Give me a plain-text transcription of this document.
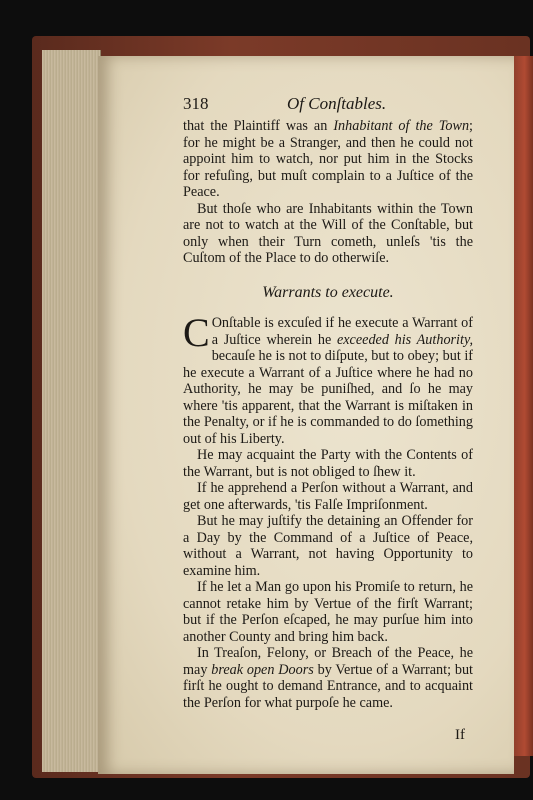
318	Of Conſtables.

that the Plaintiff was an Inhabitant of the Town; for he might be a Stranger, and then he could not appoint him to watch, nor put him in the Stocks for refuſing, but muſt complain to a Juſtice of the Peace.

But thoſe who are Inhabitants within the Town are not to watch at the Will of the Conſtable, but only when their Turn cometh, unleſs 'tis the Cuſtom of the Place to do otherwiſe.

Warrants to execute.

C Onſtable is excuſed if he execute a Warrant of a Juſtice wherein he exceeded his Authority, becauſe he is not to diſpute, but to obey; but if he execute a Warrant of a Juſtice where he had no Authority, he may be puniſhed, and ſo he may where 'tis apparent, that the Warrant is miſtaken in the Penalty, or if he is commanded to do ſomething out of his Liberty.

He may acquaint the Party with the Contents of the Warrant, but is not obliged to ſhew it.

If he apprehend a Perſon without a Warrant, and get one afterwards, 'tis Falſe Impriſonment.

But he may juſtify the detaining an Offender for a Day by the Command of a Juſtice of Peace, without a Warrant, not having Opportunity to examine him.

If he let a Man go upon his Promiſe to return, he cannot retake him by Vertue of the firſt Warrant; but if the Perſon eſcaped, he may purſue him into another County and bring him back.

In Treaſon, Felony, or Breach of the Peace, he may break open Doors by Vertue of a Warrant; but firſt he ought to demand Entrance, and to acquaint the Perſon for what purpoſe he came.

If
